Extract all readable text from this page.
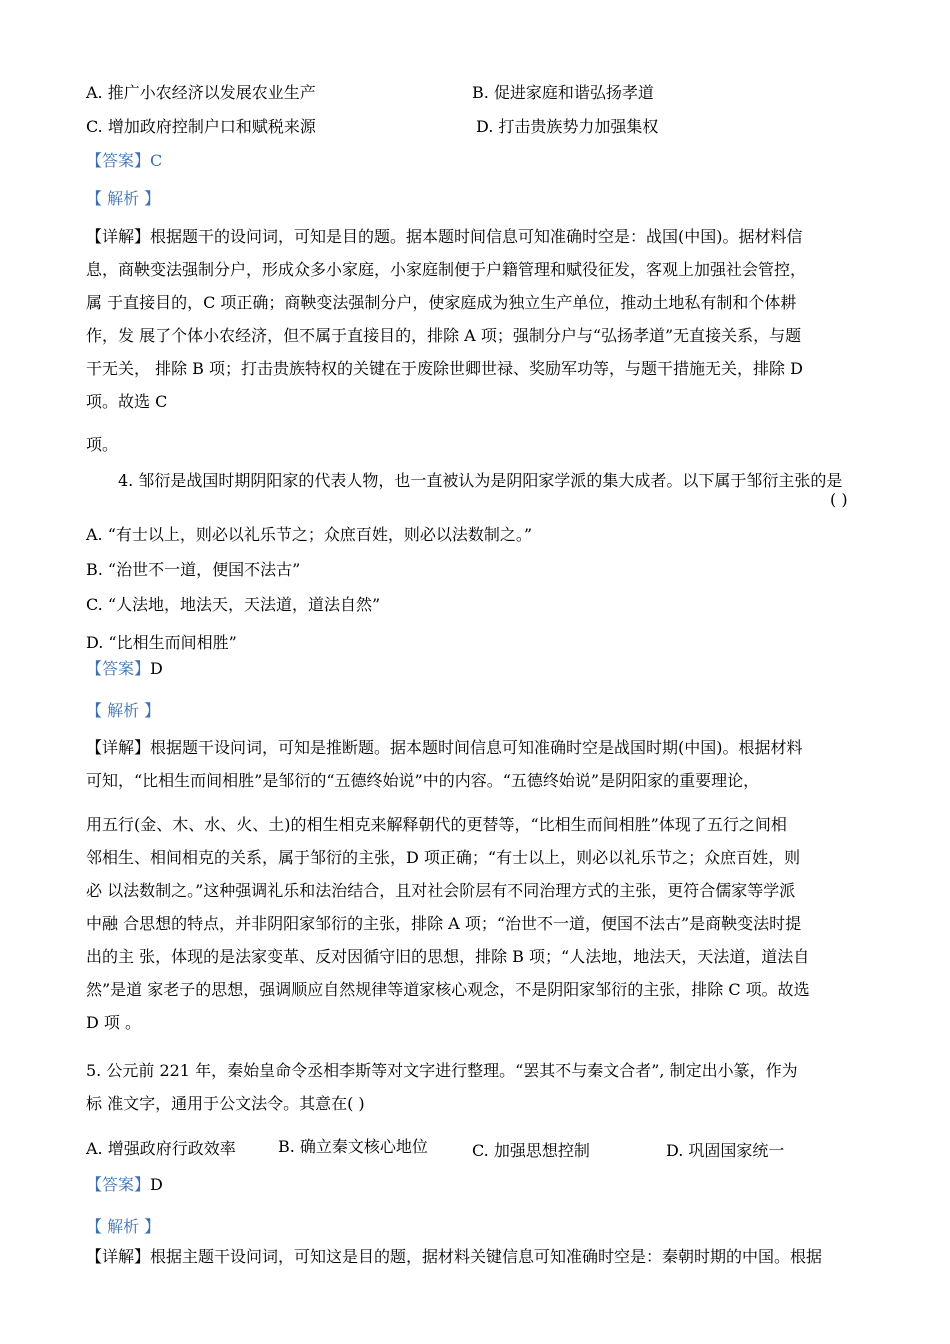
A. 推广小农经济以发展农业生产	B. 促进家庭和谐弘扬孝道
C. 增加政府控制户口和赋税来源	D. 打击贵族势力加强集权
【答案】C
【 解析 】

【详解】根据题干的设问词，可知是目的题。据本题时间信息可知准确时空是：战国(中国)。据材料信

息，商鞅变法强制分户，形成众多小家庭，小家庭制便于户籍管理和赋役征发，客观上加强社会管控，

属 于直接目的，C 项正确；商鞅变法强制分户，使家庭成为独立生产单位，推动土地私有制和个体耕

作，发 展了个体小农经济，但不属于直接目的，排除 A 项；强制分户与“弘扬孝道”无直接关系，与题

干无关， 排除 B 项；打击贵族特权的关键在于废除世卿世禄、奖励军功等，与题干措施无关，排除 D

项。故选 C

项。
4. 邹衍是战国时期阴阳家的代表人物，也一直被认为是阴阳家学派的集大成者。以下属于邹衍主张的是
( )
A. “有士以上，则必以礼乐节之；众庶百姓，则必以法数制之。”
B. “治世不一道，便国不法古”
C. “人法地，地法天，天法道，道法自然”
D. “比相生而间相胜”
【答案】D
【 解析 】

【详解】根据题干设问词，可知是推断题。据本题时间信息可知准确时空是战国时期(中国)。根据材料

可知，“比相生而间相胜”是邹衍的“五德终始说”中的内容。“五德终始说”是阴阳家的重要理论，

用五行(金、木、水、火、土)的相生相克来解释朝代的更替等，“比相生而间相胜”体现了五行之间相

邻相生、相间相克的关系，属于邹衍的主张，D 项正确；“有士以上，则必以礼乐节之；众庶百姓，则

必 以法数制之。”这种强调礼乐和法治结合，且对社会阶层有不同治理方式的主张，更符合儒家等学派

中融 合思想的特点，并非阴阳家邹衍的主张，排除 A 项；“治世不一道，便国不法古”是商鞅变法时提

出的主 张，体现的是法家变革、反对因循守旧的思想，排除 B 项；“人法地，地法天，天法道，道法自

然”是道 家老子的思想，强调顺应自然规律等道家核心观念，不是阴阳家邹衍的主张，排除 C 项。故选

D 项 。

5. 公元前 221 年，秦始皇命令丞相李斯等对文字进行整理。“罢其不与秦文合者”, 制定出小篆，作为

标 准文字，通用于公文法令。其意在( )

A. 增强政府行政效率	B. 确立秦文核心地位	C. 加强思想控制	D. 巩固国家统一
【答案】D
【 解析 】
【详解】根据主题干设问词，可知这是目的题，据材料关键信息可知准确时空是：秦朝时期的中国。根据
